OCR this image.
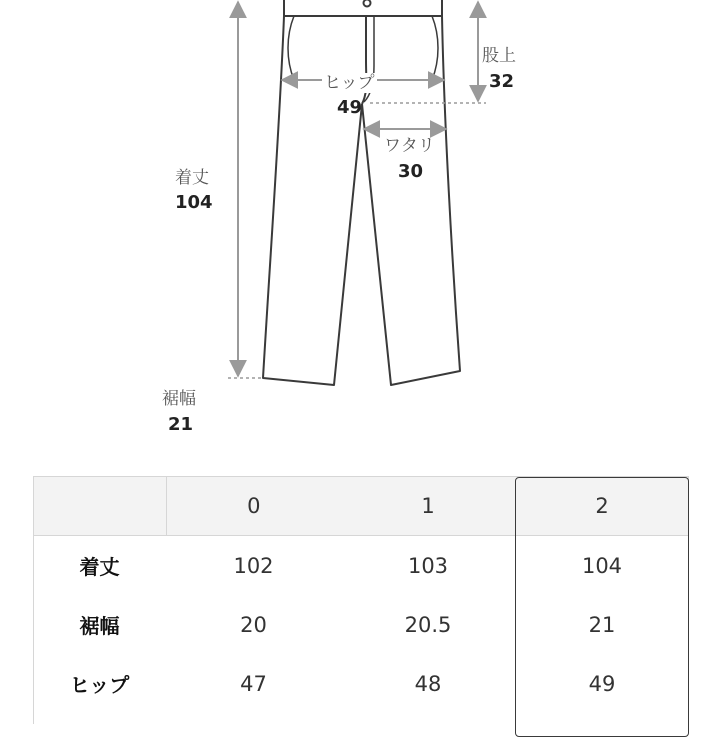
着丈
104
裾幅
21
ヒップ
49
ワタリ
30
股上
32
	0	1	2
着丈	102	103	104
裾幅	20	20.5	21
ヒップ	47	48	49
